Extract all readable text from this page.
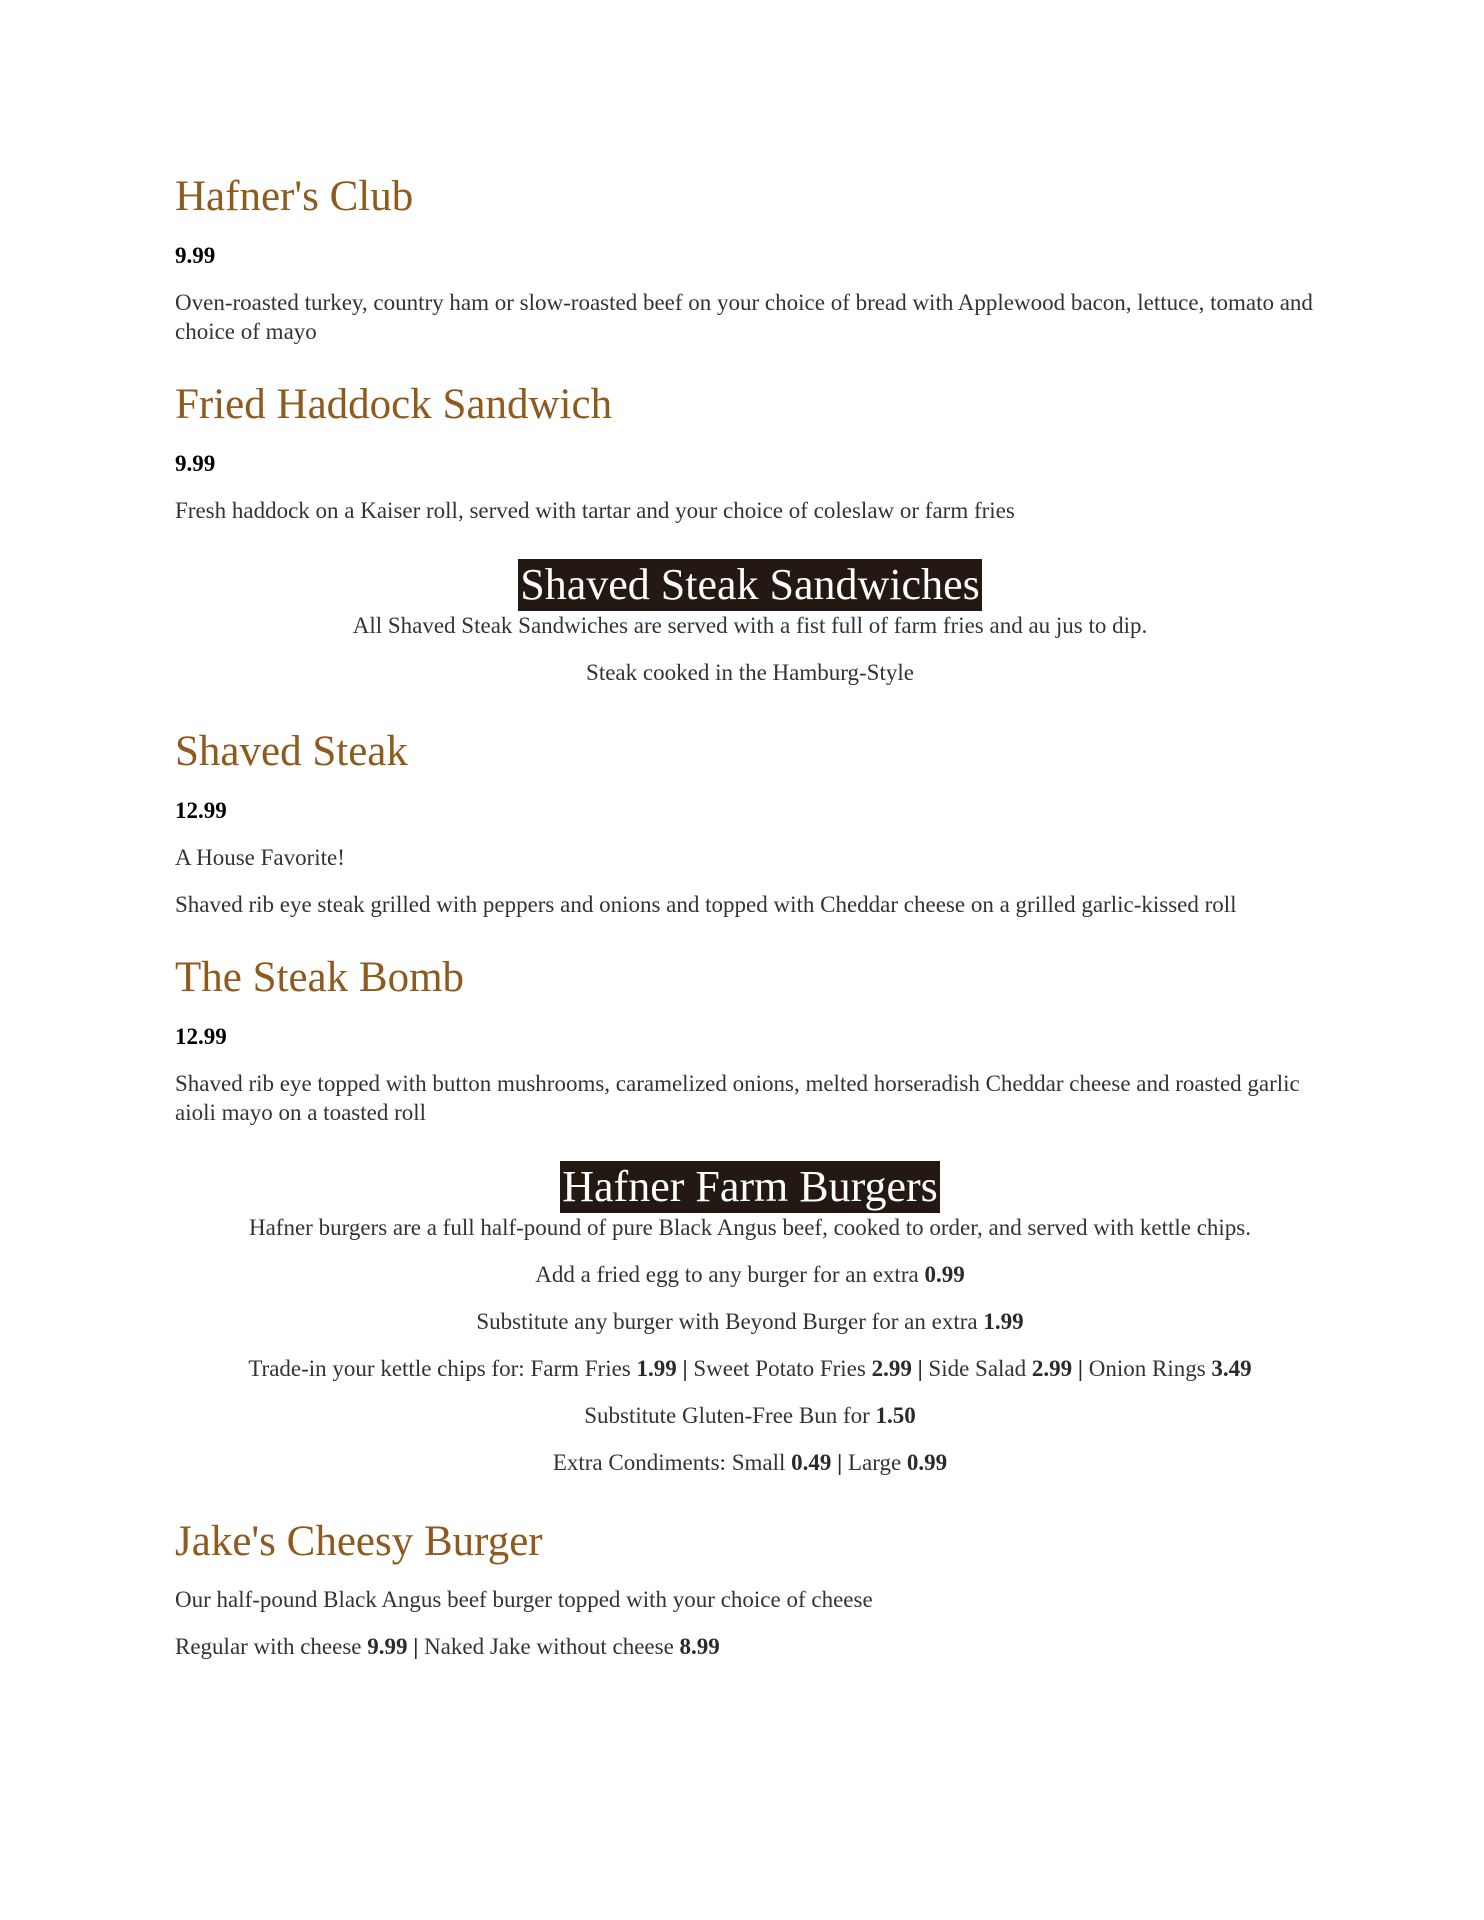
Hafner's Club

9.99

Oven-roasted turkey, country ham or slow-roasted beef on your choice of bread with Applewood bacon, lettuce, tomato and choice of mayo

Fried Haddock Sandwich

9.99

Fresh haddock on a Kaiser roll, served with tartar and your choice of coleslaw or farm fries

Shaved Steak Sandwiches

All Shaved Steak Sandwiches are served with a fist full of farm fries and au jus to dip.

Steak cooked in the Hamburg-Style

Shaved Steak

12.99

A House Favorite!

Shaved rib eye steak grilled with peppers and onions and topped with Cheddar cheese on a grilled garlic-kissed roll

The Steak Bomb

12.99

Shaved rib eye topped with button mushrooms, caramelized onions, melted horseradish Cheddar cheese and roasted garlic aioli mayo on a toasted roll

Hafner Farm Burgers

Hafner burgers are a full half-pound of pure Black Angus beef, cooked to order, and served with kettle chips.

Add a fried egg to any burger for an extra 0.99

Substitute any burger with Beyond Burger for an extra 1.99

Trade-in your kettle chips for: Farm Fries 1.99 | Sweet Potato Fries 2.99 | Side Salad 2.99 | Onion Rings 3.49

Substitute Gluten-Free Bun for 1.50

Extra Condiments: Small 0.49 | Large 0.99

Jake's Cheesy Burger

Our half-pound Black Angus beef burger topped with your choice of cheese

Regular with cheese 9.99 | Naked Jake without cheese 8.99
